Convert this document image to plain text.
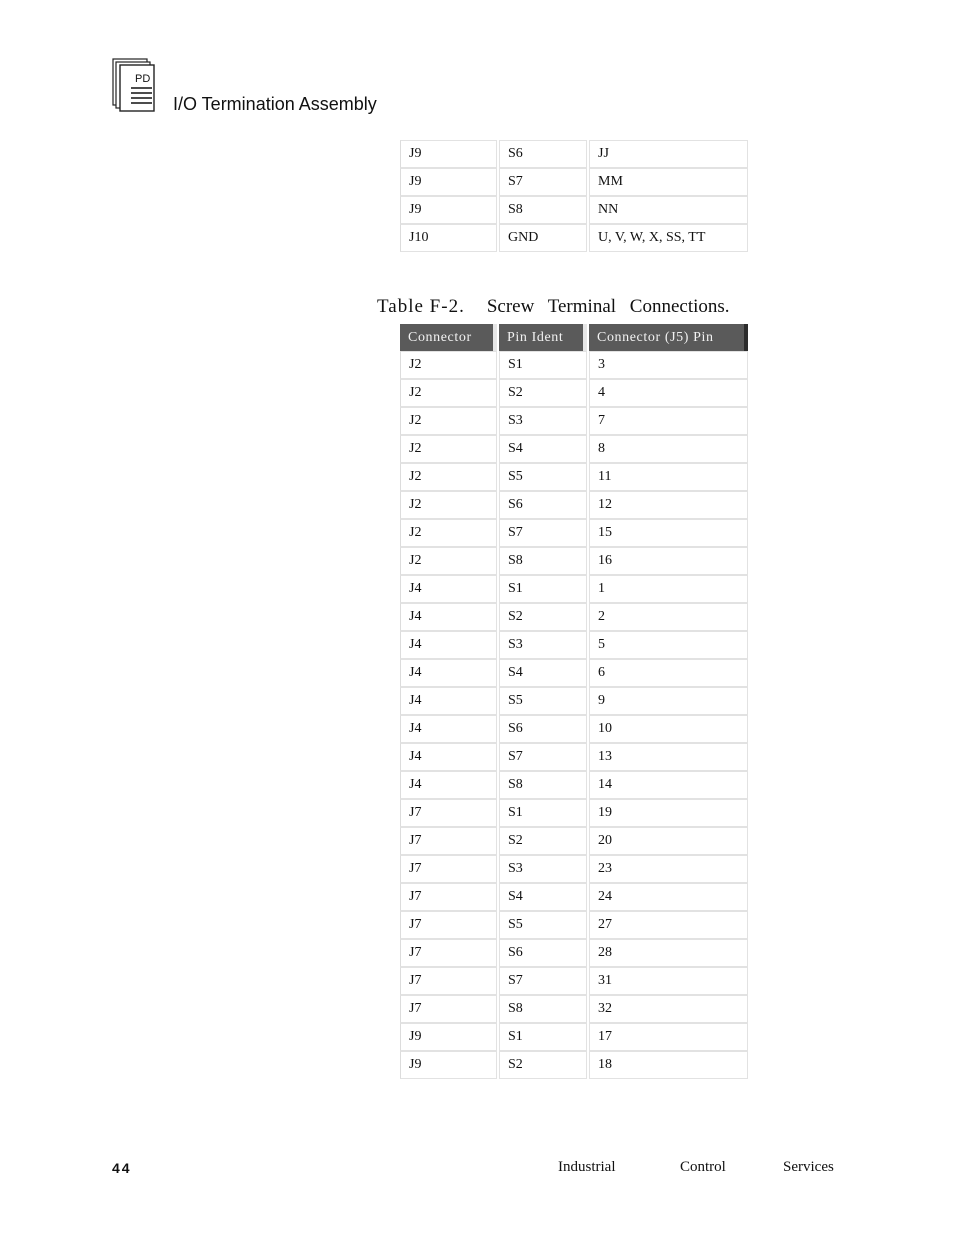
PD
I/O Termination Assembly
J9	S6	JJ
J9	S7	MM
J9	S8	NN
J10	GND	U, V, W, X, SS, TT
Table F-2. Screw Terminal Connections.
Connector	Pin Ident	Connector (J5) Pin
J2	S1	3
J2	S2	4
J2	S3	7
J2	S4	8
J2	S5	11
J2	S6	12
J2	S7	15
J2	S8	16
J4	S1	1
J4	S2	2
J4	S3	5
J4	S4	6
J4	S5	9
J4	S6	10
J4	S7	13
J4	S8	14
J7	S1	19
J7	S2	20
J7	S3	23
J7	S4	24
J7	S5	27
J7	S6	28
J7	S7	31
J7	S8	32
J9	S1	17
J9	S2	18
44	Industrial	Control	Services
